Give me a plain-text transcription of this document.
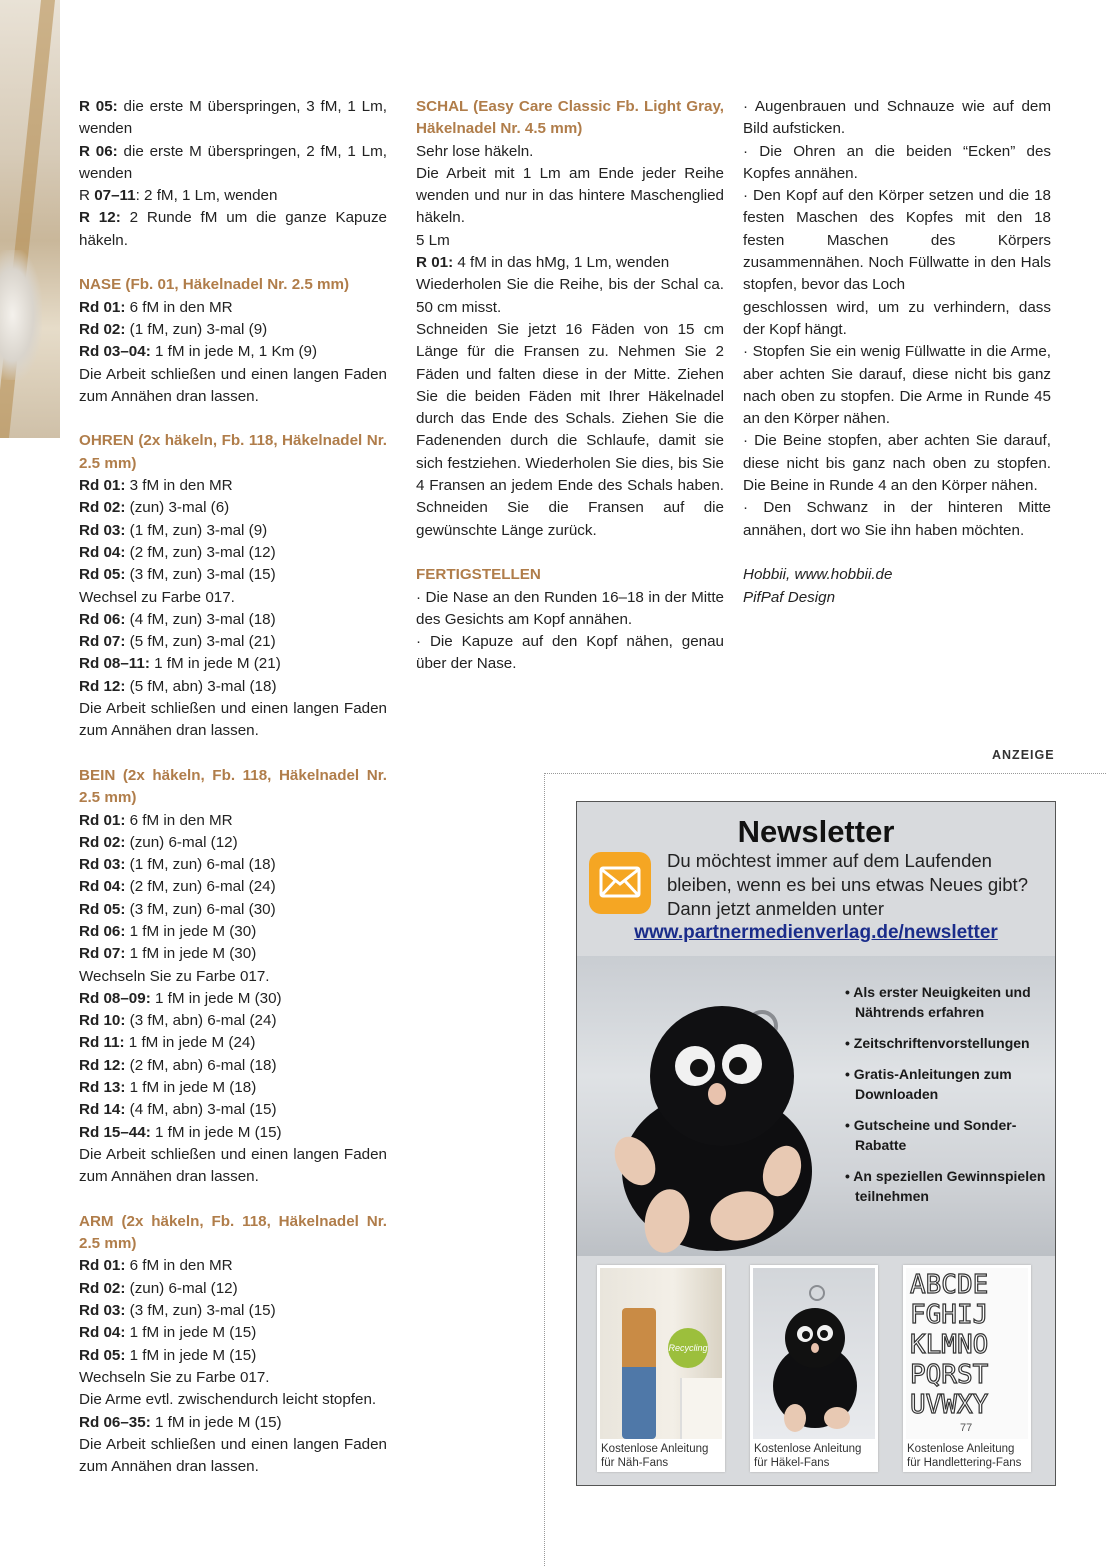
R 05: die erste M überspringen, 3 fM, 1 Lm, wenden

R 06: die erste M überspringen, 2 fM, 1 Lm, wenden

R 07–11: 2 fM, 1 Lm, wenden

R 12: 2 Runde fM um die ganze Kapuze häkeln.

NASE (Fb. 01, Häkelnadel Nr. 2.5 mm)

Rd 01: 6 fM in den MR

Rd 02: (1 fM, zun) 3-mal (9)

Rd 03–04: 1 fM in jede M, 1 Km (9)

Die Arbeit schließen und einen langen Faden zum Annähen dran lassen.

OHREN (2x häkeln, Fb. 118, Häkelnadel Nr. 2.5 mm)

Rd 01: 3 fM in den MR

Rd 02: (zun) 3-mal (6)

Rd 03: (1 fM, zun) 3-mal (9)

Rd 04: (2 fM, zun) 3-mal (12)

Rd 05: (3 fM, zun) 3-mal (15)

Wechsel zu Farbe 017.

Rd 06: (4 fM, zun) 3-mal (18)

Rd 07: (5 fM, zun) 3-mal (21)

Rd 08–11: 1 fM in jede M (21)

Rd 12: (5 fM, abn) 3-mal (18)

Die Arbeit schließen und einen langen Faden zum Annähen dran lassen.

BEIN (2x häkeln, Fb. 118, Häkelnadel Nr. 2.5 mm)

Rd 01: 6 fM in den MR

Rd 02: (zun) 6-mal (12)

Rd 03: (1 fM, zun) 6-mal (18)

Rd 04: (2 fM, zun) 6-mal (24)

Rd 05: (3 fM, zun) 6-mal (30)

Rd 06: 1 fM in jede M (30)

Rd 07: 1 fM in jede M (30)

Wechseln Sie zu Farbe 017.

Rd 08–09: 1 fM in jede M (30)

Rd 10: (3 fM, abn) 6-mal (24)

Rd 11: 1 fM in jede M (24)

Rd 12: (2 fM, abn) 6-mal (18)

Rd 13: 1 fM in jede M (18)

Rd 14: (4 fM, abn) 3-mal (15)

Rd 15–44: 1 fM in jede M (15)

Die Arbeit schließen und einen langen Faden zum Annähen dran lassen.

ARM (2x häkeln, Fb. 118, Häkelnadel Nr. 2.5 mm)

Rd 01: 6 fM in den MR

Rd 02: (zun) 6-mal (12)

Rd 03: (3 fM, zun) 3-mal (15)

Rd 04: 1 fM in jede M (15)

Rd 05: 1 fM in jede M (15)

Wechseln Sie zu Farbe 017.

Die Arme evtl. zwischendurch leicht stopfen.

Rd 06–35: 1 fM in jede M (15)

Die Arbeit schließen und einen langen Faden zum Annähen dran lassen.

SCHAL (Easy Care Classic Fb. Light Gray, Häkelnadel Nr. 4.5 mm)

Sehr lose häkeln.

Die Arbeit mit 1 Lm am Ende jeder Reihe wenden und nur in das hintere Maschenglied häkeln.

5 Lm

R 01: 4 fM in das hMg, 1 Lm, wenden

Wiederholen Sie die Reihe, bis der Schal ca. 50 cm misst.

Schneiden Sie jetzt 16 Fäden von 15 cm Länge für die Fransen zu. Nehmen Sie 2 Fäden und falten diese in der Mitte. Ziehen Sie die beiden Fäden mit Ihrer Häkelnadel durch das Ende des Schals. Ziehen Sie die Fadenenden durch die Schlaufe, damit sie sich festziehen. Wiederholen Sie dies, bis Sie 4 Fransen an jedem Ende des Schals haben. Schneiden Sie die Fransen auf die gewünschte Länge zurück.

FERTIGSTELLEN

· Die Nase an den Runden 16–18 in der Mitte des Gesichts am Kopf annähen.

· Die Kapuze auf den Kopf nähen, genau über der Nase.

· Augenbrauen und Schnauze wie auf dem Bild aufsticken.

· Die Ohren an die beiden “Ecken” des Kopfes annähen.

· Den Kopf auf den Körper setzen und die 18 festen Maschen des Kopfes mit den 18 festen Maschen des Körpers zusammennähen. Noch Füllwatte in den Hals stopfen, bevor das Loch

geschlossen wird, um zu verhindern, dass der Kopf hängt.

· Stopfen Sie ein wenig Füllwatte in die Arme, aber achten Sie darauf, diese nicht bis ganz nach oben zu stopfen. Die Arme in Runde 45 an den Körper nähen.

· Die Beine stopfen, aber achten Sie darauf, diese nicht bis ganz nach oben zu stopfen. Die Beine in Runde 4 an den Körper nähen.

· Den Schwanz in der hinteren Mitte annähen, dort wo Sie ihn haben möchten.

Hobbii, www.hobbii.de

PifPaf Design

ANZEIGE
Newsletter
Du möchtest immer auf dem Laufenden bleiben, wenn es bei uns etwas Neues gibt? Dann jetzt anmelden unter
www.partnermedienverlag.de/newsletter
• Als erster Neuigkeiten und Nähtrends erfahren
• Zeitschriftenvorstellungen
• Gratis-Anleitungen zum Downloaden
• Gutscheine und Sonder-Rabatte
• An speziellen Gewinnspielen teilnehmen
Recycling
Kostenlose Anleitung für Näh-Fans
Kostenlose Anleitung für Häkel-Fans
ABCDE
FGHIJ
KLMNO
PQRST
UVWXY
77
Kostenlose Anleitung für Handlettering-Fans
